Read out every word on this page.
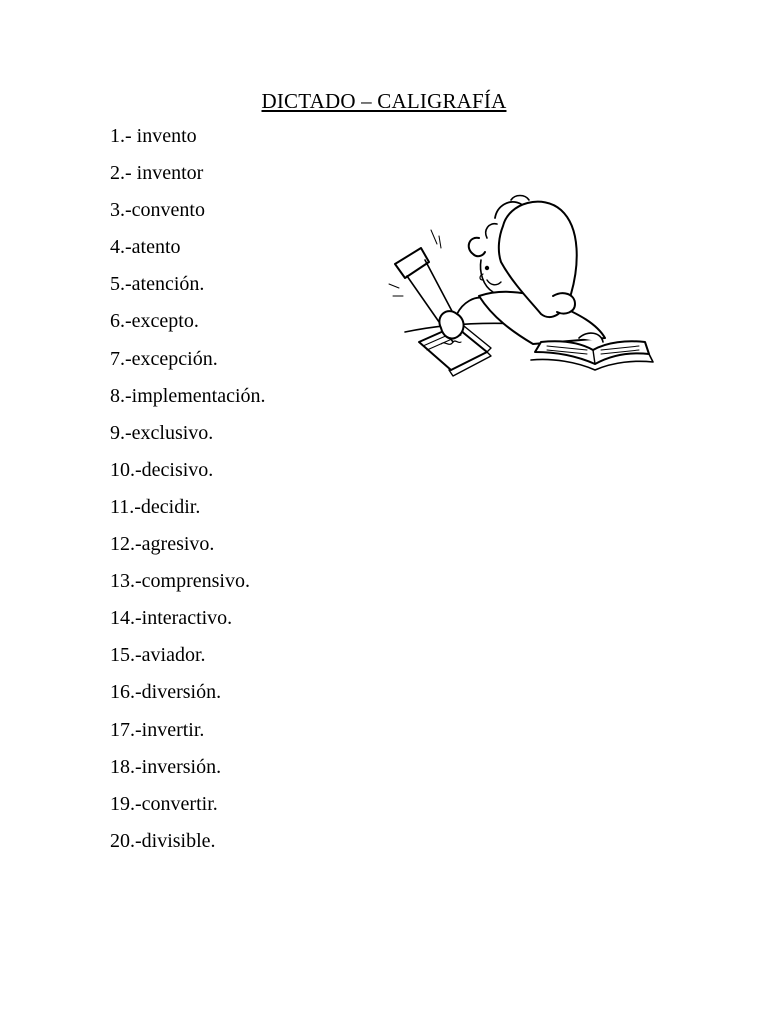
DICTADO – CALIGRAFÍA
1.- invento
2.- inventor
3.-convento
4.-atento
5.-atención.
6.-excepto.
7.-excepción.
8.-implementación.
9.-exclusivo.
10.-decisivo.
11.-decidir.
12.-agresivo.
13.-comprensivo.
14.-interactivo.
15.-aviador.
16.-diversión.
17.-invertir.
18.-inversión.
19.-convertir.
20.-divisible.
